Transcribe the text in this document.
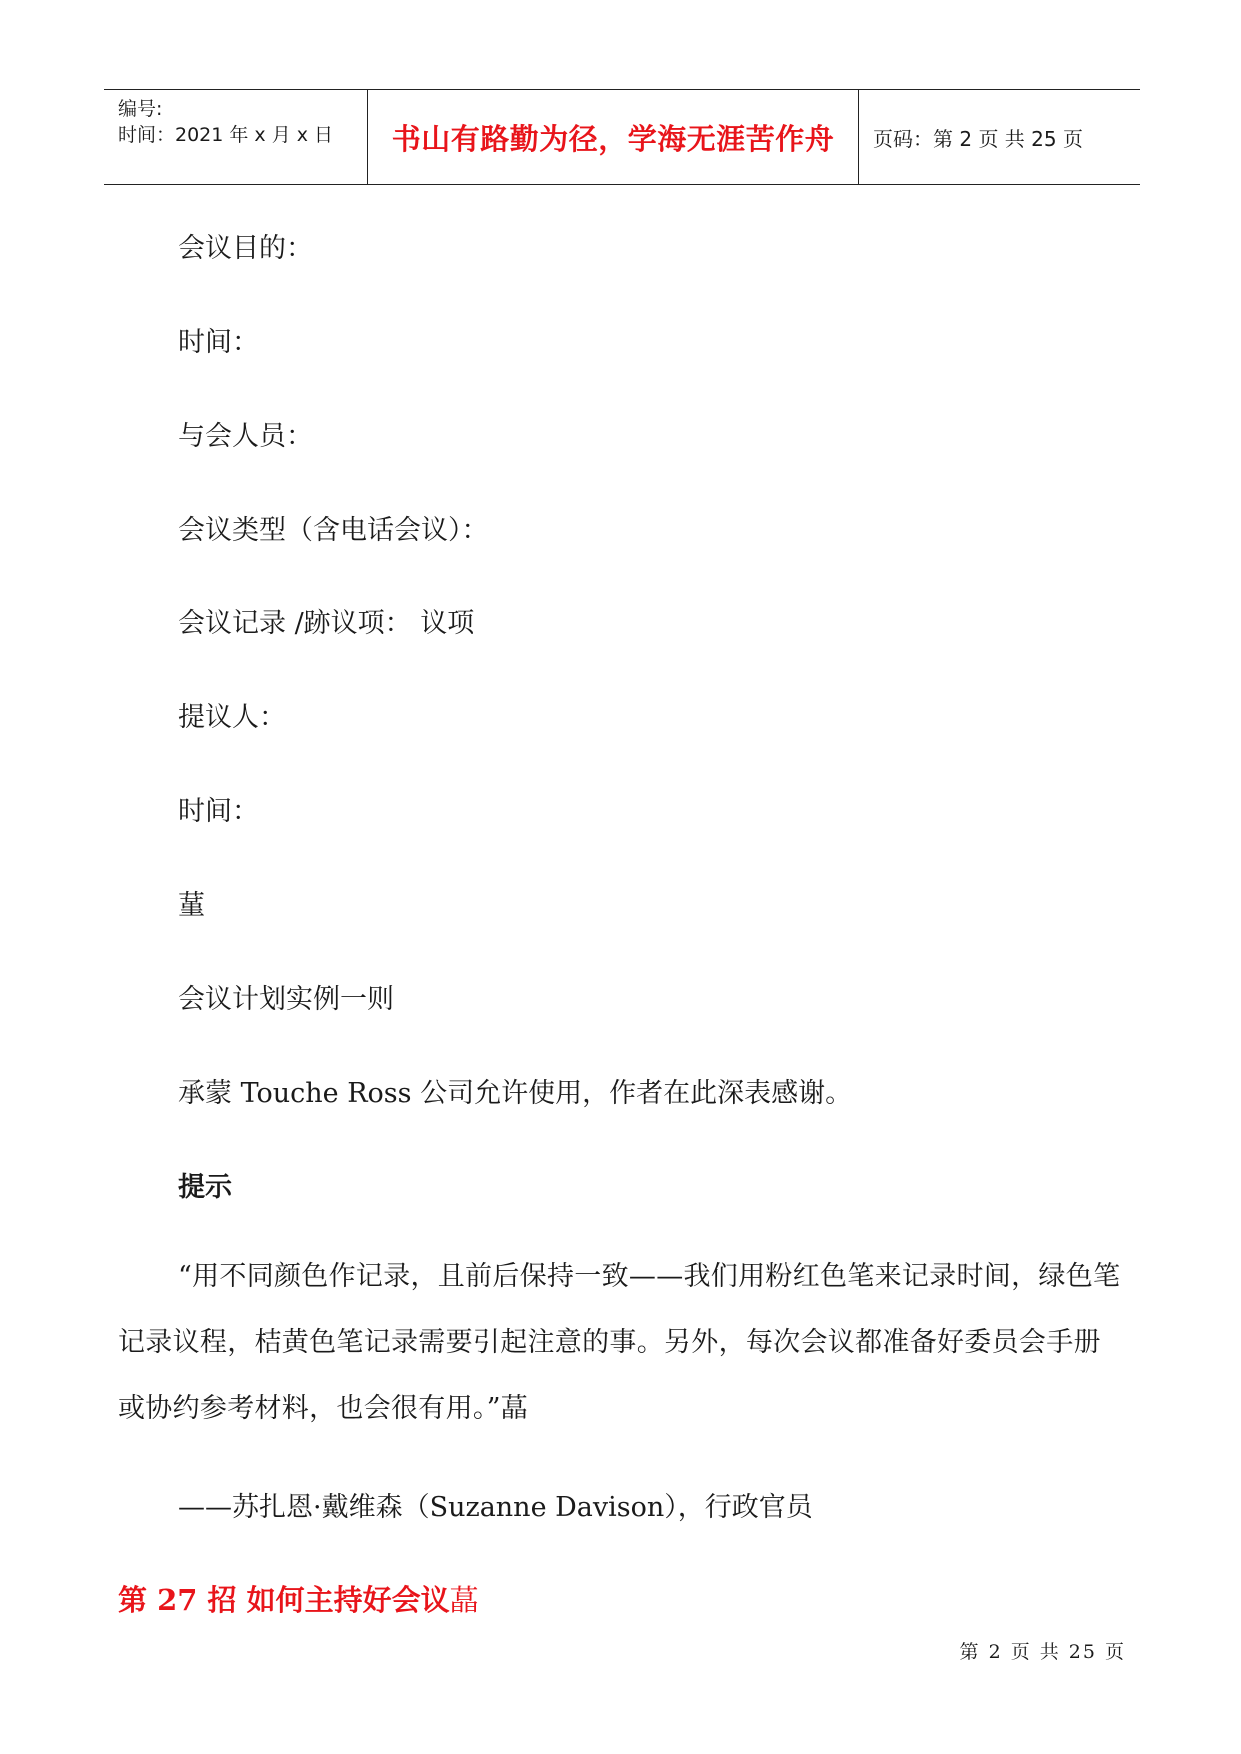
编号:
时间：2021 年 x 月 x 日	书山有路勤为径，学海无涯苦作舟	页码：第 2 页 共 25 页
会议目的：
时间：
与会人员：
会议类型（含电话会议）：
会议记录 /跡议项： 议项
提议人：
时间：
蓳
会议计划实例一则
承蒙 Touche Ross 公司允许使用，作者在此深表感谢。
提示
“用不同颜色作记录，且前后保持一致——我们用粉红色笔来记录时间，绿色笔记录议程，桔黄色笔记录需要引起注意的事。另外，每次会议都准备好委员会手册或协约参考材料，也会很有用。”蕌
——苏扎恩·戴维森（Suzanne Davison），行政官员
第 27 招 如何主持好会议蕌
第 2 页 共 25 页
